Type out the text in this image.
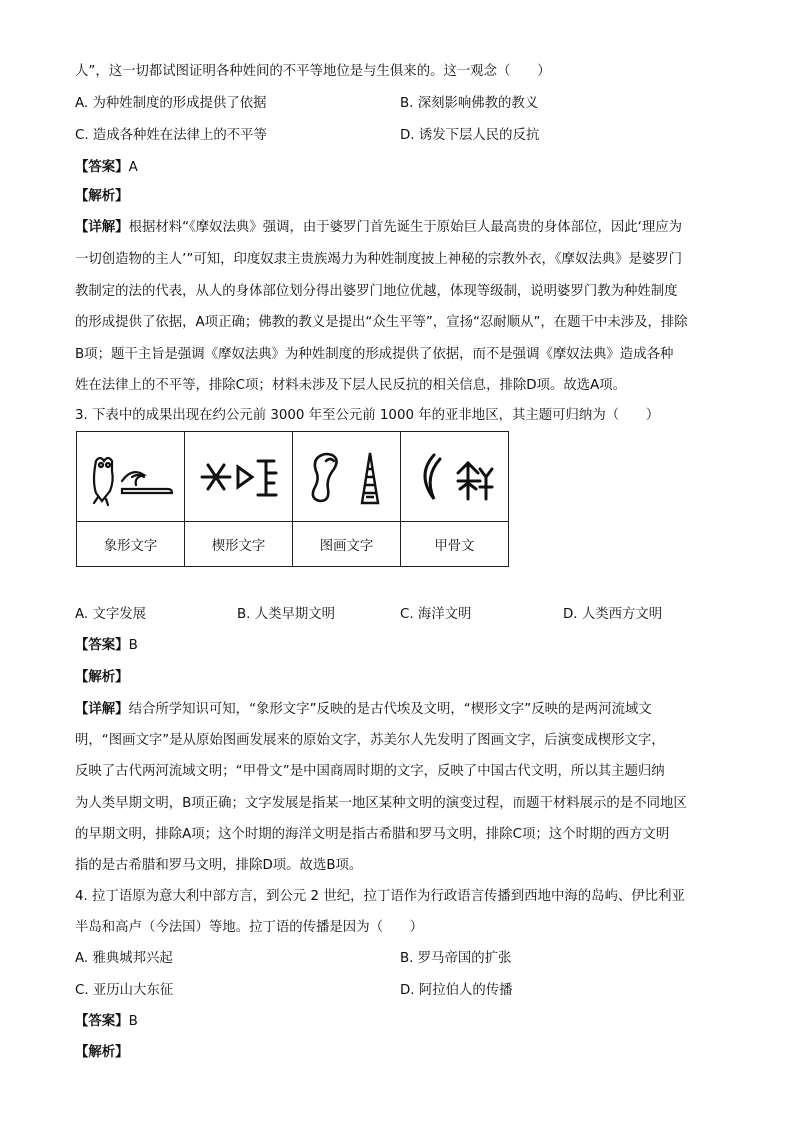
人”，这一切都试图证明各种姓间的不平等地位是与生俱来的。这一观念（　　）
A. 为种姓制度的形成提供了依据	B. 深刻影响佛教的教义
C. 造成各种姓在法律上的不平等	D. 诱发下层人民的反抗
【答案】A
【解析】
【详解】根据材料“《摩奴法典》强调，由于婆罗门首先诞生于原始巨人最高贵的身体部位，因此‘理应为
一切创造物的主人’”可知，印度奴隶主贵族竭力为种姓制度披上神秘的宗教外衣，《摩奴法典》是婆罗门
教制定的法的代表，从人的身体部位划分得出婆罗门地位优越，体现等级制，说明婆罗门教为种姓制度
的形成提供了依据，A项正确；佛教的教义是提出“众生平等”，宣扬“忍耐顺从”，在题干中未涉及，排除
B项；题干主旨是强调《摩奴法典》为种姓制度的形成提供了依据，而不是强调《摩奴法典》造成各种
姓在法律上的不平等，排除C项；材料未涉及下层人民反抗的相关信息，排除D项。故选A项。
3. 下表中的成果出现在约公元前 3000 年至公元前 1000 年的亚非地区，其主题可归纳为（　　）

象形文字	楔形文字	图画文字	甲骨文
A. 文字发展	B. 人类早期文明	C. 海洋文明	D. 人类西方文明
【答案】B
【解析】
【详解】结合所学知识可知，“象形文字”反映的是古代埃及文明，“楔形文字”反映的是两河流域文
明，“图画文字”是从原始图画发展来的原始文字，苏美尔人先发明了图画文字，后演变成楔形文字，
反映了古代两河流域文明；“甲骨文”是中国商周时期的文字，反映了中国古代文明，所以其主题归纳
为人类早期文明，B项正确；文字发展是指某一地区某种文明的演变过程，而题干材料展示的是不同地区
的早期文明，排除A项；这个时期的海洋文明是指古希腊和罗马文明，排除C项；这个时期的西方文明
指的是古希腊和罗马文明，排除D项。故选B项。
4. 拉丁语原为意大利中部方言，到公元 2 世纪，拉丁语作为行政语言传播到西地中海的岛屿、伊比利亚
半岛和高卢（今法国）等地。拉丁语的传播是因为（　　）
A. 雅典城邦兴起	B. 罗马帝国的扩张
C. 亚历山大东征	D. 阿拉伯人的传播
【答案】B
【解析】
